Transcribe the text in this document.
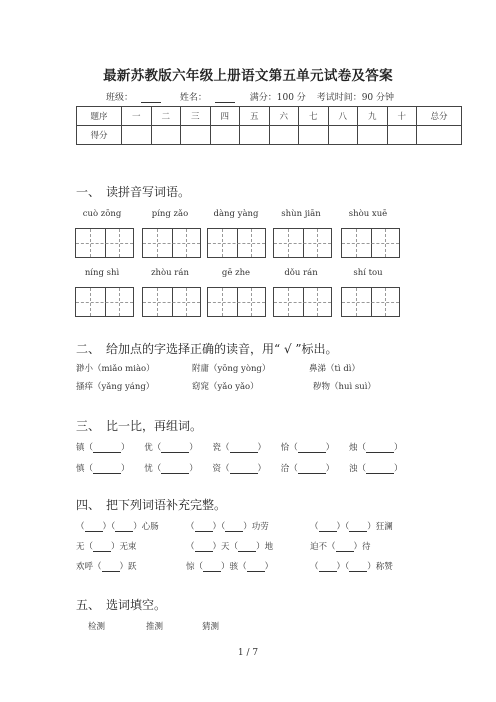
最新苏教版六年级上册语文第五单元试卷及答案
班级：	姓名：	满分：100 分 考试时间：90 分钟
题序	一	二	三	四	五	六	七	八	九	十	总分
得分											
一、 读拼音写词语。
cuò zōng	píng zǎo	dàng yàng	shùn jiān	shòu xuē
níng shì	zhòu rán	gē zhe	dǒu rán	shí tou
二、 给加点的字选择正确的读音，用“ √ ”标出。
渺小（miǎo miào）	附庸（yōng yòng）	鼻涕（tì dì）
搔痒（yǎng yáng）	窈窕（yǎo yǎo）	秽物（huì suì）
三、 比一比，再组词。
镇（	） 优（	） 瓷（	） 恰（	） 烛（	）
慎（	） 忧（	） 资（	） 洽（	） 浊（	）
四、 把下列词语补充完整。
（ ）（ ）心肠	（ ）（ ）功劳	（ ）（ ）狂澜
无（ ）无束	（ ）天（ ）地	迫不（ ）待
欢呼（ ）跃	惊（ ）骇（ ）	（ ）（ ）称赞
五、 选词填空。
检测	推测	猜测
1 / 7
